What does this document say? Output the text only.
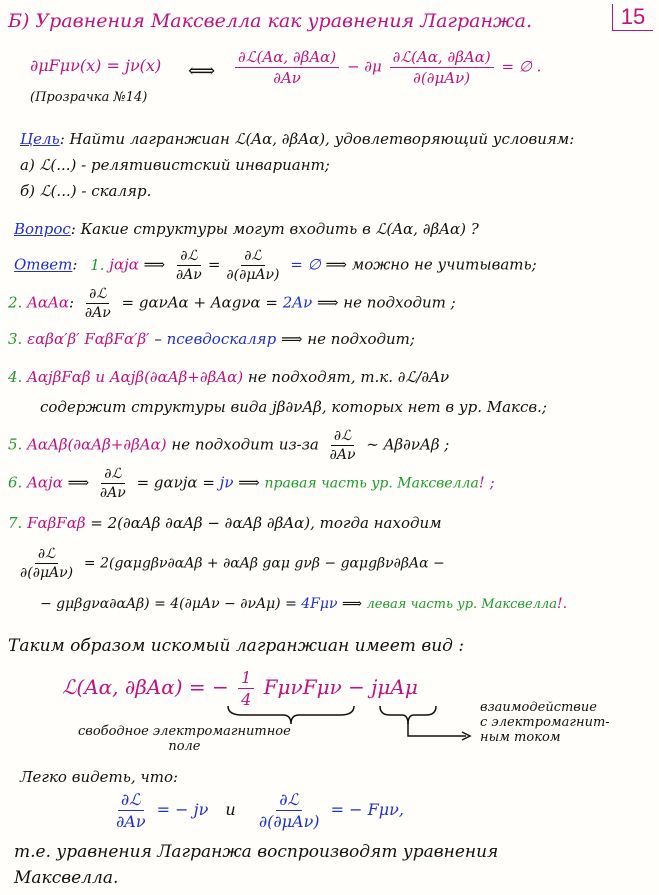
15
Б) Уравнения Максвелла как уравнения Лагранжа.
∂μFμν(x) = jν(x) ⟺ $\frac{\text{∂ℒ(Aα, ∂βAα)}}{\partial A\nu} - \partial\mu \frac{\text{∂ℒ(Aα, ∂βAα)}}{\text{∂(∂μAν)}}$ = ∅ .
(Прозрачка №14)
Цель: Найти лагранжиан ℒ(Aα, ∂βAα), удовлетворяющий условиям:
а) ℒ(...) - релятивистский инвариант;
б) ℒ(...) - скаляр.
Вопрос: Какие структуры могут входить в ℒ(Aα, ∂βAα) ?
Ответ: 1. jαjα ⟹ $\frac{\text{∂ℒ}}{\partial A\nu} = \frac{\text{∂ℒ}}{\text{∂(∂μAν)}}$ = ∅ ⟹ можно не учитывать;
2. AαAα: $\frac{\text{∂ℒ}}{\partial A\nu} = g\alpha\nu A\alpha + A\alpha g\nu\alpha = 2A\nu$ ⟹ не подходит ;
3. εαβα′β′ FαβFα′β′ – псевдоскаляр ⟹ не подходит;
4. AαjβFαβ и Aαjβ(∂αAβ+∂βAα) не подходят, т.к. ∂ℒ/∂Aν
содержит структуры вида jβ∂νAβ, которых нет в ур. Максв.;
5. AαAβ(∂αAβ+∂βAα) не подходит $из-за \frac{\text{∂ℒ}}{\partial A\nu}$ ∼ Aβ∂νAβ ;
6. Aαjα ⟹ $\frac{\text{∂ℒ}}{\partial A\nu} = g\alpha\nu j\alpha = j\nu$ ⟹ правая часть ур. Максвелла! ;
7. FαβFαβ = 2(∂αAβ ∂αAβ − ∂αAβ ∂βAα), тогда находим
$\frac{\text{∂ℒ}}{\text{∂(∂μAν)}} = 2(g\alpha\mu g\beta\nu\partial\alpha A\beta + \partial\alpha A\beta$ gαμ gνβ − gαμgβν∂βAα −
− gμβgνα∂αAβ) = 4(∂μAν − ∂νAμ) = 4Fμν ⟹ левая часть ур. Максвелла!.
Таким образом искомый лагранжиан имеет вид :
ℒ(Aα, ∂βAα) = − $\frac{1}{4}$ FμνFμν − jμAμ
свободное электромагнитное
поле
взаимодействие
с электромагнит-
ным током
Легко видеть, что:
$\frac{\text{∂ℒ}}{\partial A\nu}$ = − jν и $\frac{\text{∂ℒ}}{\text{∂(∂μAν)}}$ = − Fμν,
т.е. уравнения Лагранжа воспроизводят уравнения
Максвелла.
